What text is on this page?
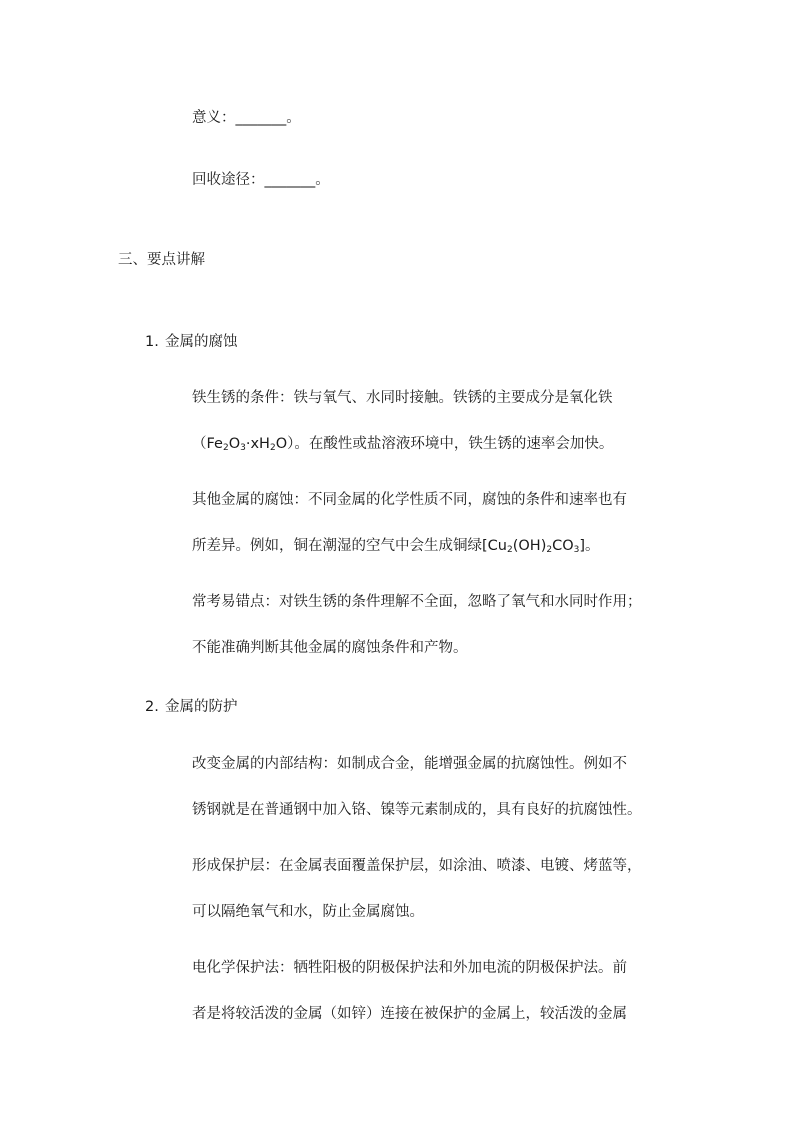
意义：_______。
回收途径：_______。
三、要点讲解
1. 金属的腐蚀
铁生锈的条件：铁与氧气、水同时接触。铁锈的主要成分是氧化铁
$(Fe_2O_3\cdot xH_2O)$。在酸性或盐溶液环境中，铁生锈的速率会加快。
其他金属的腐蚀：不同金属的化学性质不同，腐蚀的条件和速率也有
所差异。例如，铜在潮湿的空气中会生成铜绿$[Cu_2(OH)_2CO_3]$。
常考易错点：对铁生锈的条件理解不全面，忽略了氧气和水同时作用；
不能准确判断其他金属的腐蚀条件和产物。
2. 金属的防护
改变金属的内部结构：如制成合金，能增强金属的抗腐蚀性。例如不
锈钢就是在普通钢中加入铬、镍等元素制成的，具有良好的抗腐蚀性。
形成保护层：在金属表面覆盖保护层，如涂油、喷漆、电镀、烤蓝等，
可以隔绝氧气和水，防止金属腐蚀。
电化学保护法：牺牲阳极的阴极保护法和外加电流的阴极保护法。前
者是将较活泼的金属（如锌）连接在被保护的金属上，较活泼的金属
